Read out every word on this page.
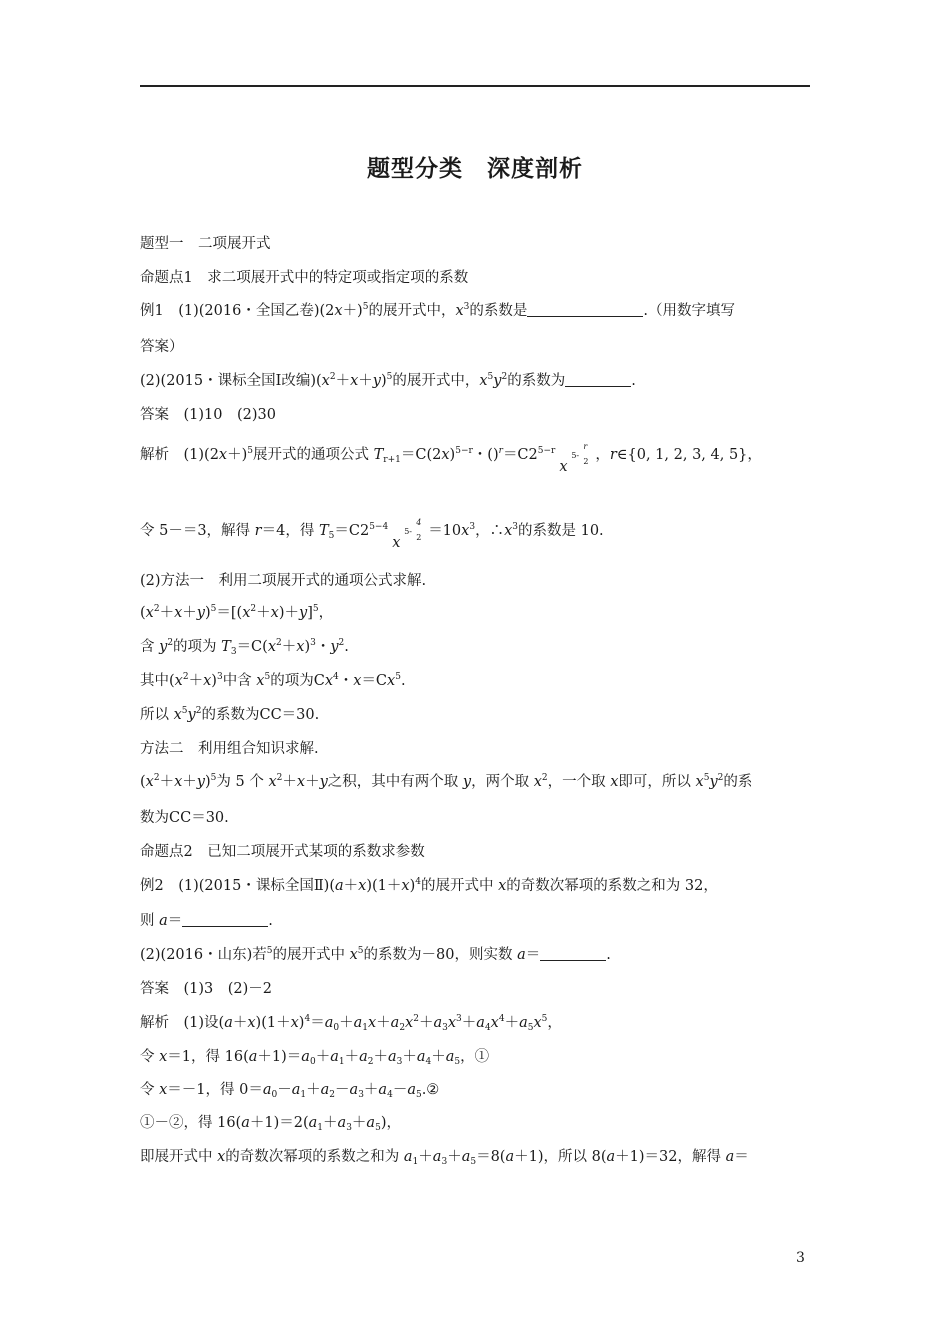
题型分类　深度剖析
题型一　二项展开式
命题点1　求二项展开式中的特定项或指定项的系数
例1　(1)(2016・全国乙卷)$(2x+)^5$的展开式中，$x^3$的系数是	.（用数字填写
答案）
(2)(2015・课标全国Ⅰ改编)$(x^2+x+y)^5$的展开式中，$x^5y^2$的系数为	.
答案　(1)10　(2)30
解析　$(1)(2x+)^5$展开式的通项公式 $T_{r+1}=C(2x)^{5-r}$・$()^r=C2^{5-r}$
x
5-
r
2 ，r∈{0, 1, 2, 3, 4, 5}，
令 5－＝3，解得 r＝4，得 $T_5=C2^{5-4}$
x
5-
4
$2 =10x^3$，$\therefore x^3$的系数是 10.
(2)方法一　利用二项展开式的通项公式求解.
$(x^2+x+y)^5=[(x^2+x)+y]^5$，
含 $y^2$的项为 $T_3=C(x^2+x)^3$・$y^2$.
其中$(x^2+x)^3$中含 $x^5$的项为Cx$^4$・$x=Cx^5$.
所以 $x^5y^2$的系数为CC＝30.
方法二　利用组合知识求解.
$(x^2+x+y)^5$为 5 个 $x^2+x+y$之积，其中有两个取 y，两个取 $x^2$，一个取 x即可，所以 $x^5y^2$的系
数为CC＝30.
命题点2　已知二项展开式某项的系数求参数
例2　(1)(2015・课标全国$Ⅱ)(a+x)(1+x)^4$的展开式中 x的奇数次幂项的系数之和为 32，
则 a＝	.
(2)(2016・山东)若$^5$的展开式中 $x^5$的系数为－80，则实数 a＝	.
答案　(1)3　(2)－2
解析　(1)设$(a+x)(1+x)^4=a_0+a_1x+a_2x^2+a_3x^3+a_4x^4+a_5x^5$，
令 x＝1，得 $16(a+1)=a_0+a_1+a_2+a_3+a_4+a_5$，①
令 x＝－1，得 $0=a_0-a_1+a_2-a_3+a_4-a_5.②$
①－②，得 $16(a+1)=2(a_1+a_3+a_5)$，
即展开式中 x的奇数次幂项的系数之和为 $a_1+a_3+a_5=8(a+1)$，所以 8(a＋1)＝32，解得 a＝
3
